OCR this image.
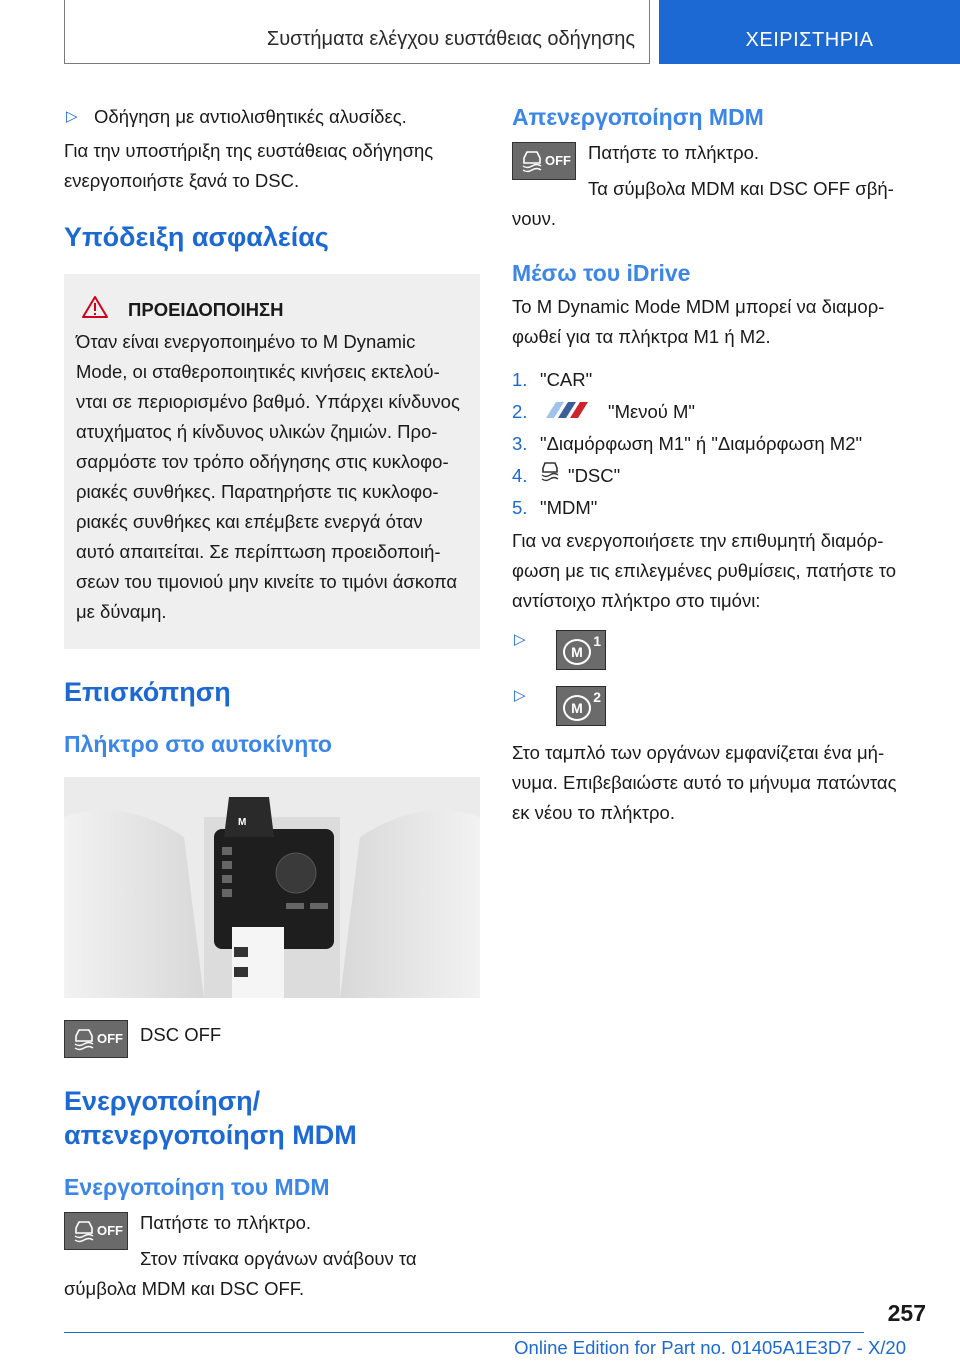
Συστήματα ελέγχου ευστάθειας οδήγησης	ΧΕΙΡΙΣΤΗΡΙΑ
▷ Οδήγηση με αντιολισθητικές αλυσίδες.

Για την υποστήριξη της ευστάθειας οδήγησης ενεργοποιήστε ξανά το DSC.

Υπόδειξη ασφαλείας
ΠΡΟΕΙΔΟΠΟΙΗΣΗ

Όταν είναι ενεργοποιημένο το M Dynamic Mode, οι σταθεροποιητικές κινήσεις εκτελού- νται σε περιορισμένο βαθμό. Υπάρχει κίνδυνος ατυχήματος ή κίνδυνος υλικών ζημιών. Προ- σαρμόστε τον τρόπο οδήγησης στις κυκλοφο- ριακές συνθήκες. Παρατηρήστε τις κυκλοφο- ριακές συνθήκες και επέμβετε ενεργά όταν αυτό απαιτείται. Σε περίπτωση προειδοποιή- σεων του τιμονιού μην κινείτε το τιμόνι άσκοπα με δύναμη.

Επισκόπηση
Πλήκτρο στο αυτοκίνητο
M
OFF DSC OFF

Ενεργοποίηση/απενεργοποίηση MDM
Ενεργοποίηση του MDM
OFF Πατήστε το πλήκτρο.

Στον πίνακα οργάνων ανάβουν τα σύμβολα MDM και DSC OFF.

Απενεργοποίηση MDM
OFF Πατήστε το πλήκτρο.

Τα σύμβολα MDM και DSC OFF σβή- νουν.

Μέσω του iDrive

Το M Dynamic Mode MDM μπορεί να διαμορ- φωθεί για τα πλήκτρα M1 ή M2.

1. "CAR"
2.	"Μενού M"
3. "Διαμόρφωση M1" ή "Διαμόρφωση M2"
4.	"DSC"
5. "MDM"

Για να ενεργοποιήσετε την επιθυμητή διαμόρ- φωση με τις επιλεγμένες ρυθμίσεις, πατήστε το αντίστοιχο πλήκτρο στο τιμόνι:

▷
M
1
▷
M
2

Στο ταμπλό των οργάνων εμφανίζεται ένα μή- νυμα. Επιβεβαιώστε αυτό το μήνυμα πατώντας εκ νέου το πλήκτρο.

257
Online Edition for Part no. 01405A1E3D7 - X/20
